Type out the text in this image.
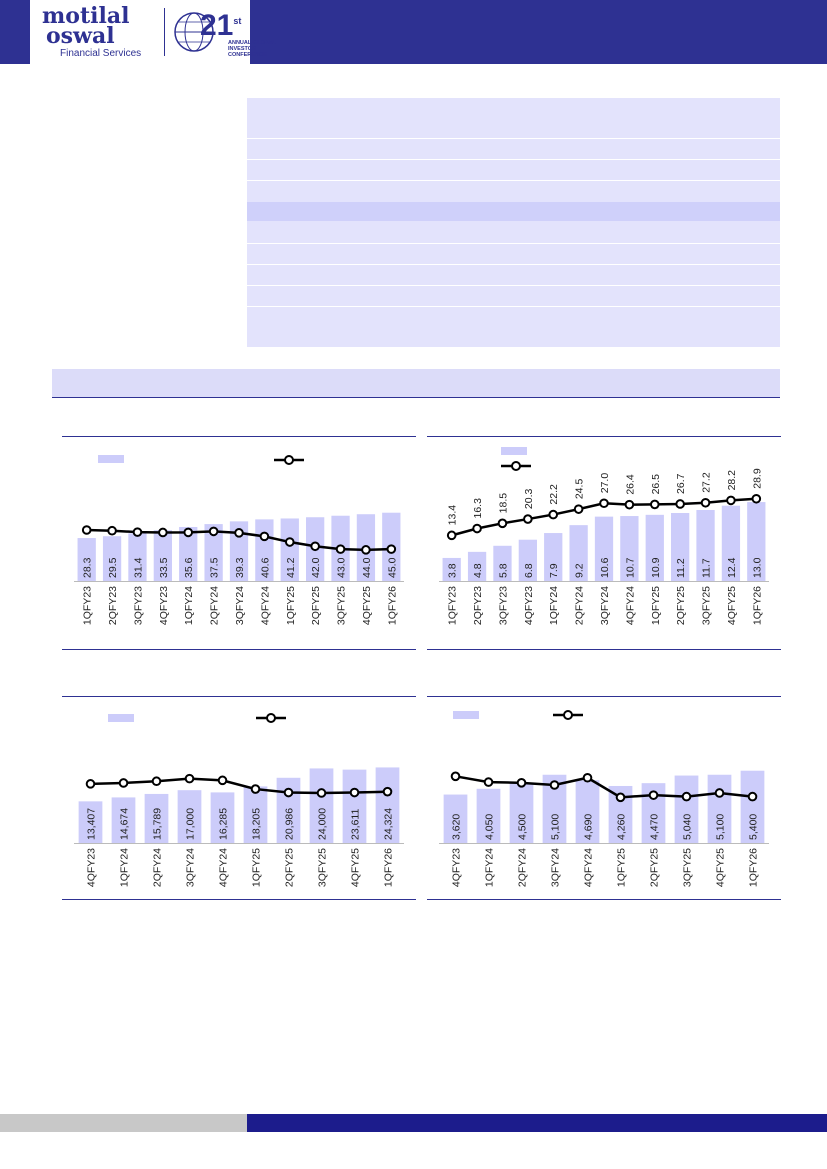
motilal
oswal
Financial Services
21st
ANNUAL GLOBAL
INVESTOR
CONFERENCE
28.3
1QFY23
29.5
2QFY23
31.4
3QFY23
33.5
4QFY23
35.6
1QFY24
37.5
2QFY24
39.3
3QFY24
40.6
4QFY24
41.2
1QFY25
42.0
2QFY25
43.0
3QFY25
44.0
4QFY25
45.0
1QFY26
3.8
1QFY23
4.8
2QFY23
5.8
3QFY23
6.8
4QFY23
7.9
1QFY24
9.2
2QFY24
10.6
3QFY24
10.7
4QFY24
10.9
1QFY25
11.2
2QFY25
11.7
3QFY25
12.4
4QFY25
13.0
1QFY26
13.4 16.3 18.5 20.3 22.2 24.5 27.0 26.4 26.5 26.7 27.2 28.2 28.9
13,407
4QFY23
14,674
1QFY24
15,789
2QFY24
17,000
3QFY24
16,285
4QFY24
18,205
1QFY25
20,986
2QFY25
24,000
3QFY25
23,611
4QFY25
24,324
1QFY26
3,620
4QFY23
4,050
1QFY24
4,500
2QFY24
5,100
3QFY24
4,690
4QFY24
4,260
1QFY25
4,470
2QFY25
5,040
3QFY25
5,100
4QFY25
5,400
1QFY26
